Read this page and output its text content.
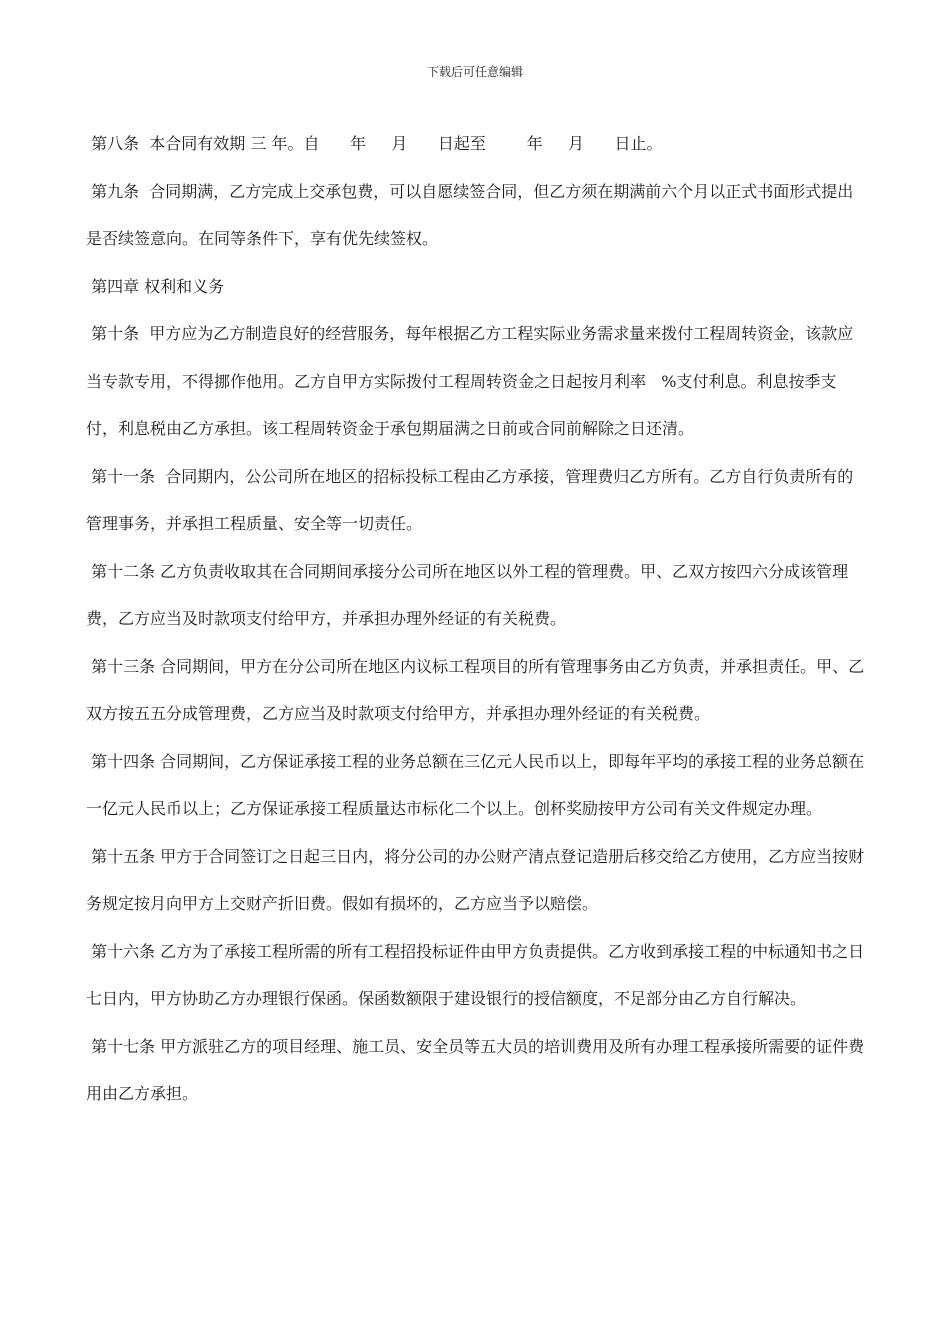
下载后可任意编辑

第八条  本合同有效期 三 年。自      年     月      日起至        年     月      日止。

第九条  合同期满，乙方完成上交承包费，可以自愿续签合同，但乙方须在期满前六个月以正式书面形式提出是否续签意向。在同等条件下，享有优先续签权。

第四章 权利和义务

第十条  甲方应为乙方制造良好的经营服务，每年根据乙方工程实际业务需求量来拨付工程周转资金，该款应当专款专用，不得挪作他用。乙方自甲方实际拨付工程周转资金之日起按月利率   %支付利息。利息按季支付，利息税由乙方承担。该工程周转资金于承包期届满之日前或合同前解除之日还清。

第十一条  合同期内，公公司所在地区的招标投标工程由乙方承接，管理费归乙方所有。乙方自行负责所有的管理事务，并承担工程质量、安全等一切责任。

第十二条 乙方负责收取其在合同期间承接分公司所在地区以外工程的管理费。甲、乙双方按四六分成该管理费，乙方应当及时款项支付给甲方，并承担办理外经证的有关税费。

第十三条 合同期间，甲方在分公司所在地区内议标工程项目的所有管理事务由乙方负责，并承担责任。甲、乙双方按五五分成管理费，乙方应当及时款项支付给甲方，并承担办理外经证的有关税费。

第十四条 合同期间，乙方保证承接工程的业务总额在三亿元人民币以上，即每年平均的承接工程的业务总额在一亿元人民币以上；乙方保证承接工程质量达市标化二个以上。创杯奖励按甲方公司有关文件规定办理。

第十五条 甲方于合同签订之日起三日内，将分公司的办公财产清点登记造册后移交给乙方使用，乙方应当按财务规定按月向甲方上交财产折旧费。假如有损坏的，乙方应当予以赔偿。

第十六条 乙方为了承接工程所需的所有工程招投标证件由甲方负责提供。乙方收到承接工程的中标通知书之日七日内，甲方协助乙方办理银行保函。保函数额限于建设银行的授信额度，不足部分由乙方自行解决。

第十七条 甲方派驻乙方的项目经理、施工员、安全员等五大员的培训费用及所有办理工程承接所需要的证件费用由乙方承担。
